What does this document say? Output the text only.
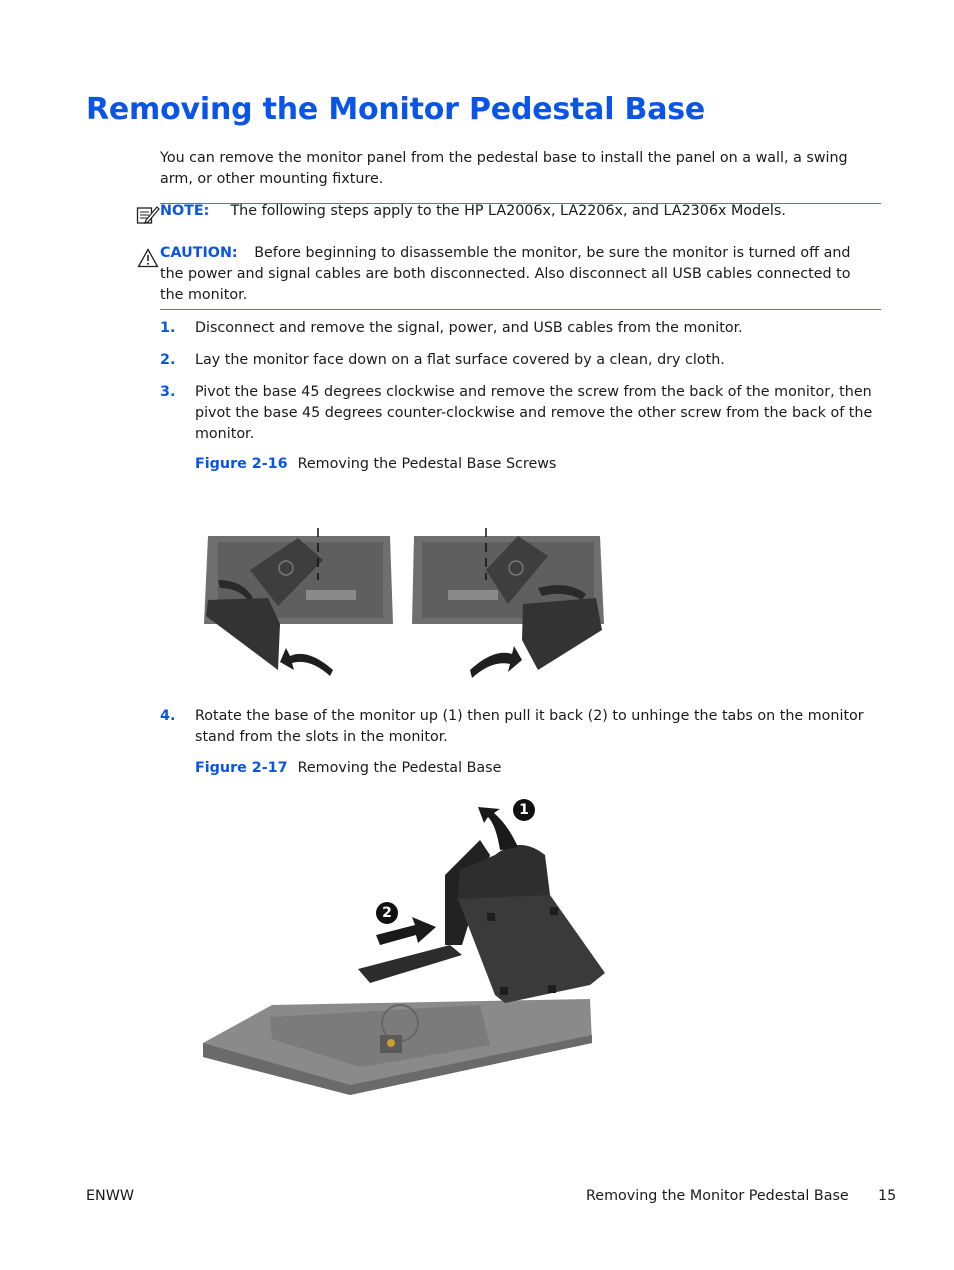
Removing the Monitor Pedestal Base
You can remove the monitor panel from the pedestal base to install the panel on a wall, a swing arm, or other mounting fixture.
NOTE: The following steps apply to the HP LA2006x, LA2206x, and LA2306x Models.
CAUTION: Before beginning to disassemble the monitor, be sure the monitor is turned off and the power and signal cables are both disconnected. Also disconnect all USB cables connected to the monitor.
1. Disconnect and remove the signal, power, and USB cables from the monitor.
2. Lay the monitor face down on a flat surface covered by a clean, dry cloth.
3. Pivot the base 45 degrees clockwise and remove the screw from the back of the monitor, then pivot the base 45 degrees counter-clockwise and remove the other screw from the back of the monitor.
Figure 2-16 Removing the Pedestal Base Screws
4. Rotate the base of the monitor up (1) then pull it back (2) to unhinge the tabs on the monitor stand from the slots in the monitor.
Figure 2-17 Removing the Pedestal Base
1
2
ENWW	Removing the Monitor Pedestal Base 15
